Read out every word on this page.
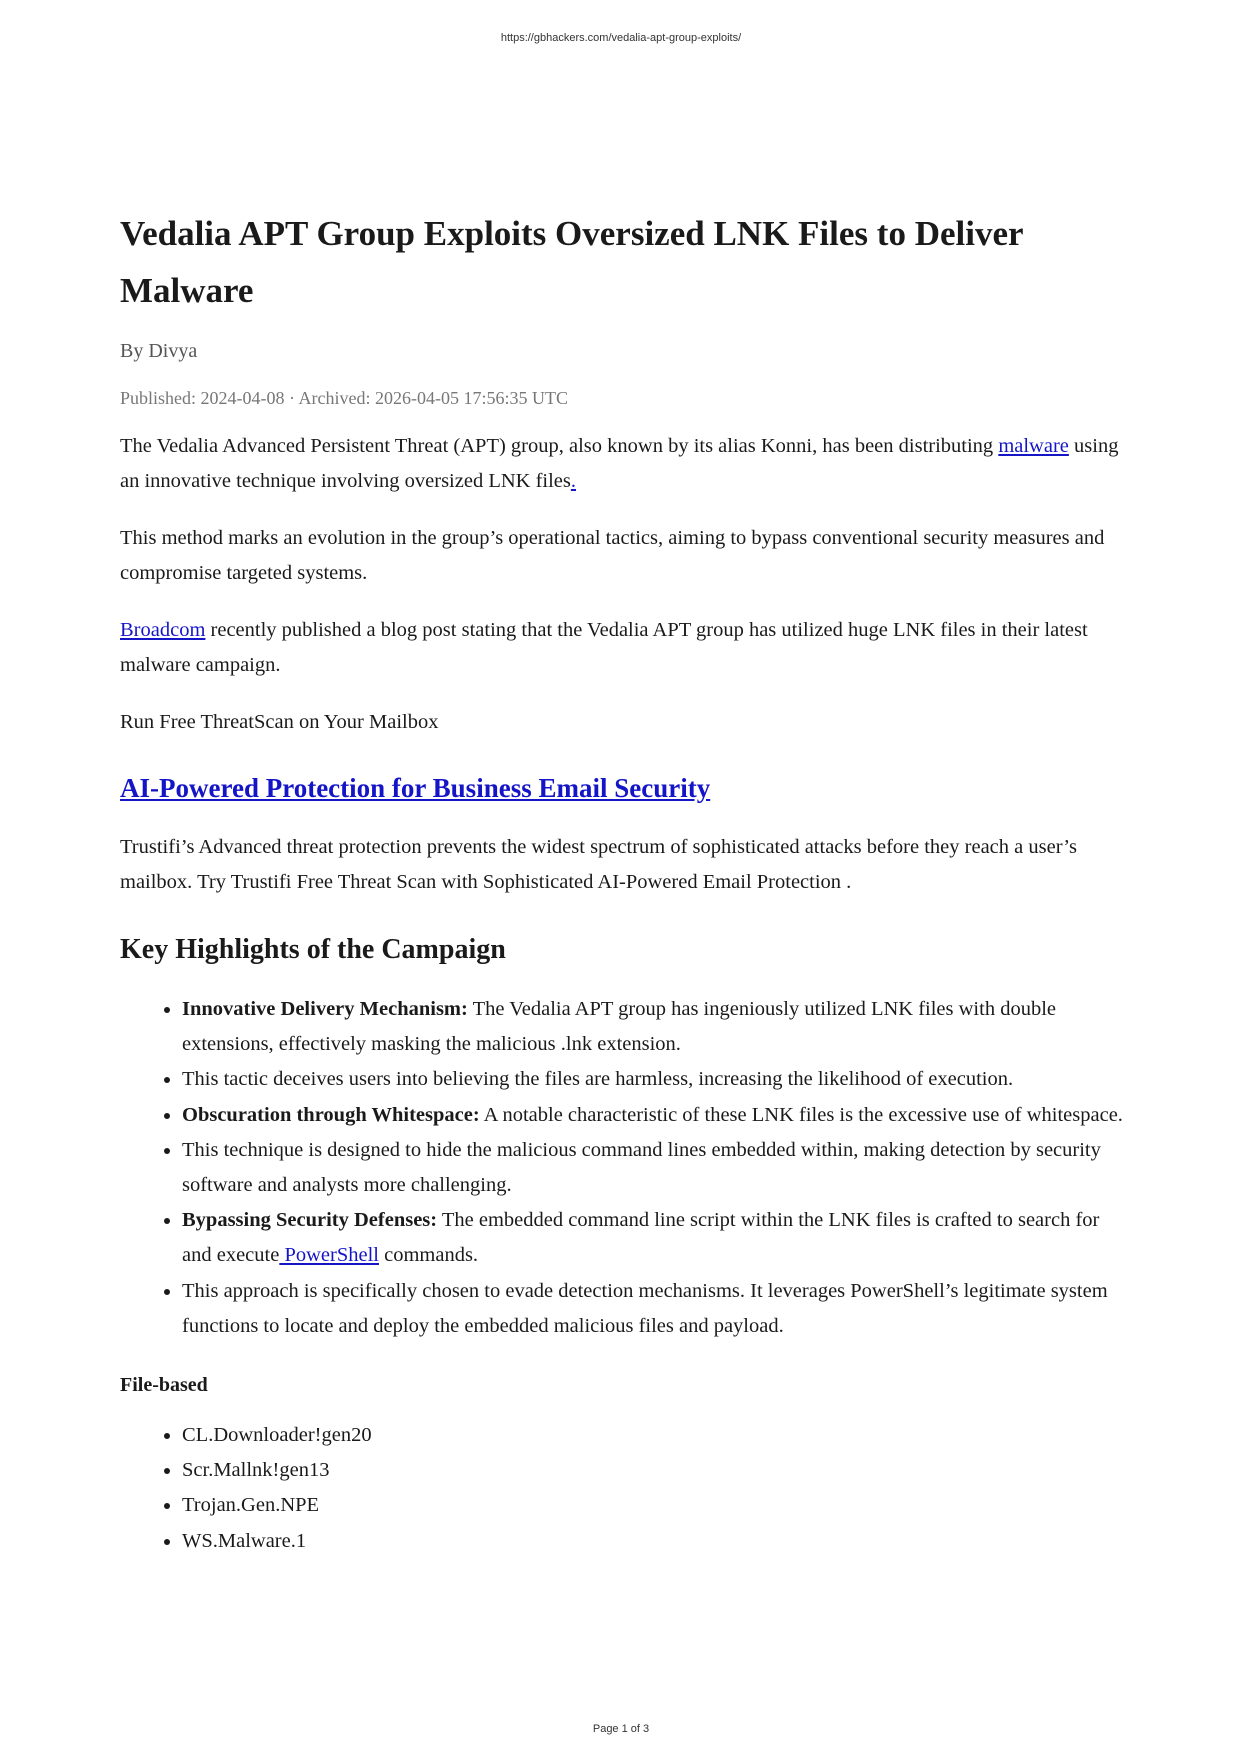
https://gbhackers.com/vedalia-apt-group-exploits/
Vedalia APT Group Exploits Oversized LNK Files to Deliver Malware
By Divya
Published: 2024-04-08 · Archived: 2026-04-05 17:56:35 UTC

The Vedalia Advanced Persistent Threat (APT) group, also known by its alias Konni, has been distributing malware using an innovative technique involving oversized LNK files.

This method marks an evolution in the group’s operational tactics, aiming to bypass conventional security measures and compromise targeted systems.

Broadcom recently published a blog post stating that the Vedalia APT group has utilized huge LNK files in their latest malware campaign.

Run Free ThreatScan on Your Mailbox

AI-Powered Protection for Business Email Security

Trustifi’s Advanced threat protection prevents the widest spectrum of sophisticated attacks before they reach a user’s mailbox. Try Trustifi Free Threat Scan with Sophisticated AI-Powered Email Protection .

Key Highlights of the Campaign
• Innovative Delivery Mechanism: The Vedalia APT group has ingeniously utilized LNK files with double extensions, effectively masking the malicious .lnk extension.
• This tactic deceives users into believing the files are harmless, increasing the likelihood of execution.
• Obscuration through Whitespace: A notable characteristic of these LNK files is the excessive use of whitespace.
• This technique is designed to hide the malicious command lines embedded within, making detection by security software and analysts more challenging.
• Bypassing Security Defenses: The embedded command line script within the LNK files is crafted to search for and execute PowerShell commands.
• This approach is specifically chosen to evade detection mechanisms. It leverages PowerShell’s legitimate system functions to locate and deploy the embedded malicious files and payload.
File-based
• CL.Downloader!gen20
• Scr.Mallnk!gen13
• Trojan.Gen.NPE
• WS.Malware.1
Page 1 of 3
